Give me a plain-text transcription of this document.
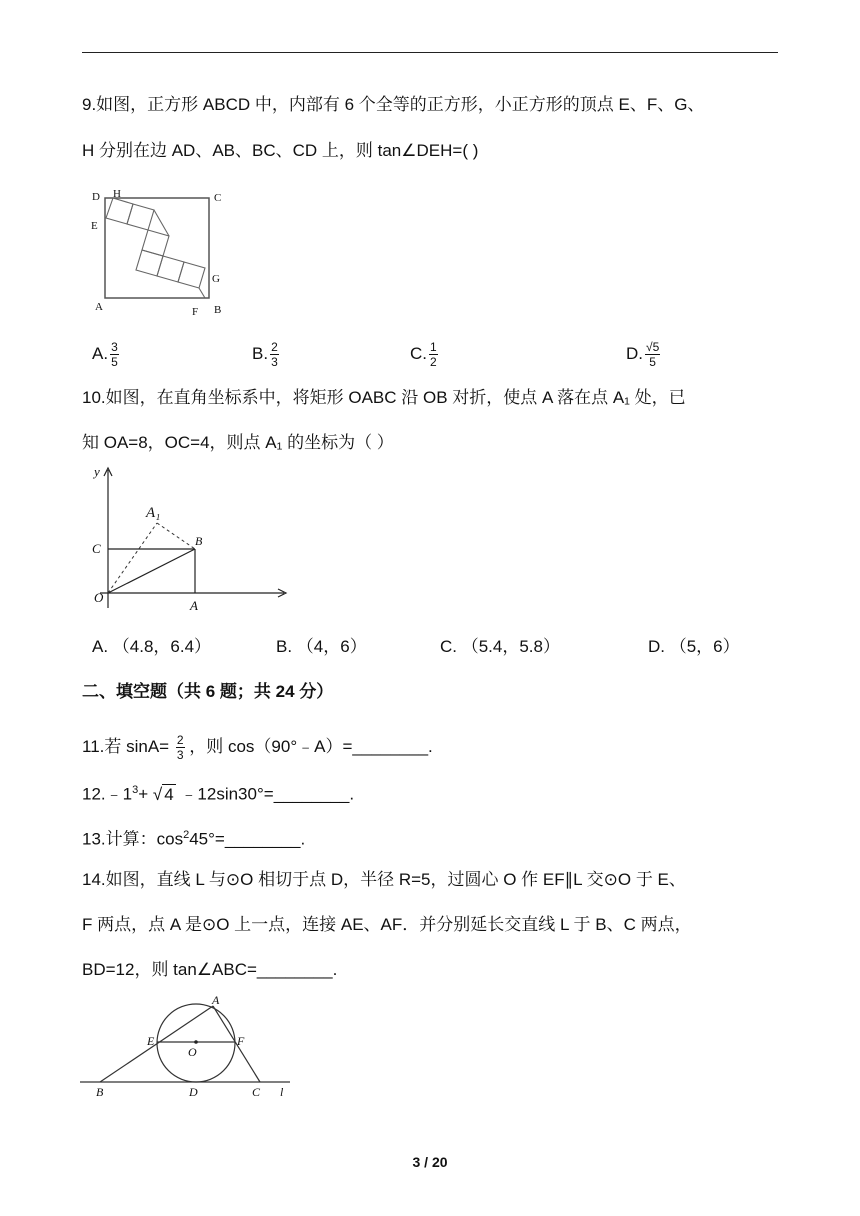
9.如图，正方形 ABCD 中，内部有 6 个全等的正方形，小正方形的顶点 E、F、G、
H 分别在边 AD、AB、BC、CD 上，则 tan∠DEH=( )
D H	C
E
G
A	F B
A. $\frac{3}{5}$	B. $\frac{2}{3}$	C. $\frac{1}{2}$	D. $\frac{√5}{5}$
10.如图，在直角坐标系中，将矩形 OABC 沿 OB 对折，使点 A 落在点 A₁ 处，已
知 OA=8，OC=4，则点 A₁ 的坐标为（ ）
y
A₁
C	B
O
A
A. （4.8，6.4）	B. （4，6）	C. （5.4，5.8）	D. （5，6）
二、填空题（共 6 题；共 24 分）
11.若 $\sin A= \frac{2}{3}$ ，则 cos（90°﹣A）=________.
$12.﹣1^3+$ √ 4 ﹣12sin30°=________.
13.计算：$\cos^245^\circ=\_\_\_\_\_\_\_\_$.
14.如图，直线 L 与⊙O 相切于点 D，半径 R=5，过圆心 O 作 EF∥L 交⊙O 于 E、
F 两点，点 A 是⊙O 上一点，连接 AE、AF．并分别延长交直线 L 于 B、C 两点，
BD=12，则 tan∠ABC=________.
A
E
O
F
B	D	C l
3 / 20
